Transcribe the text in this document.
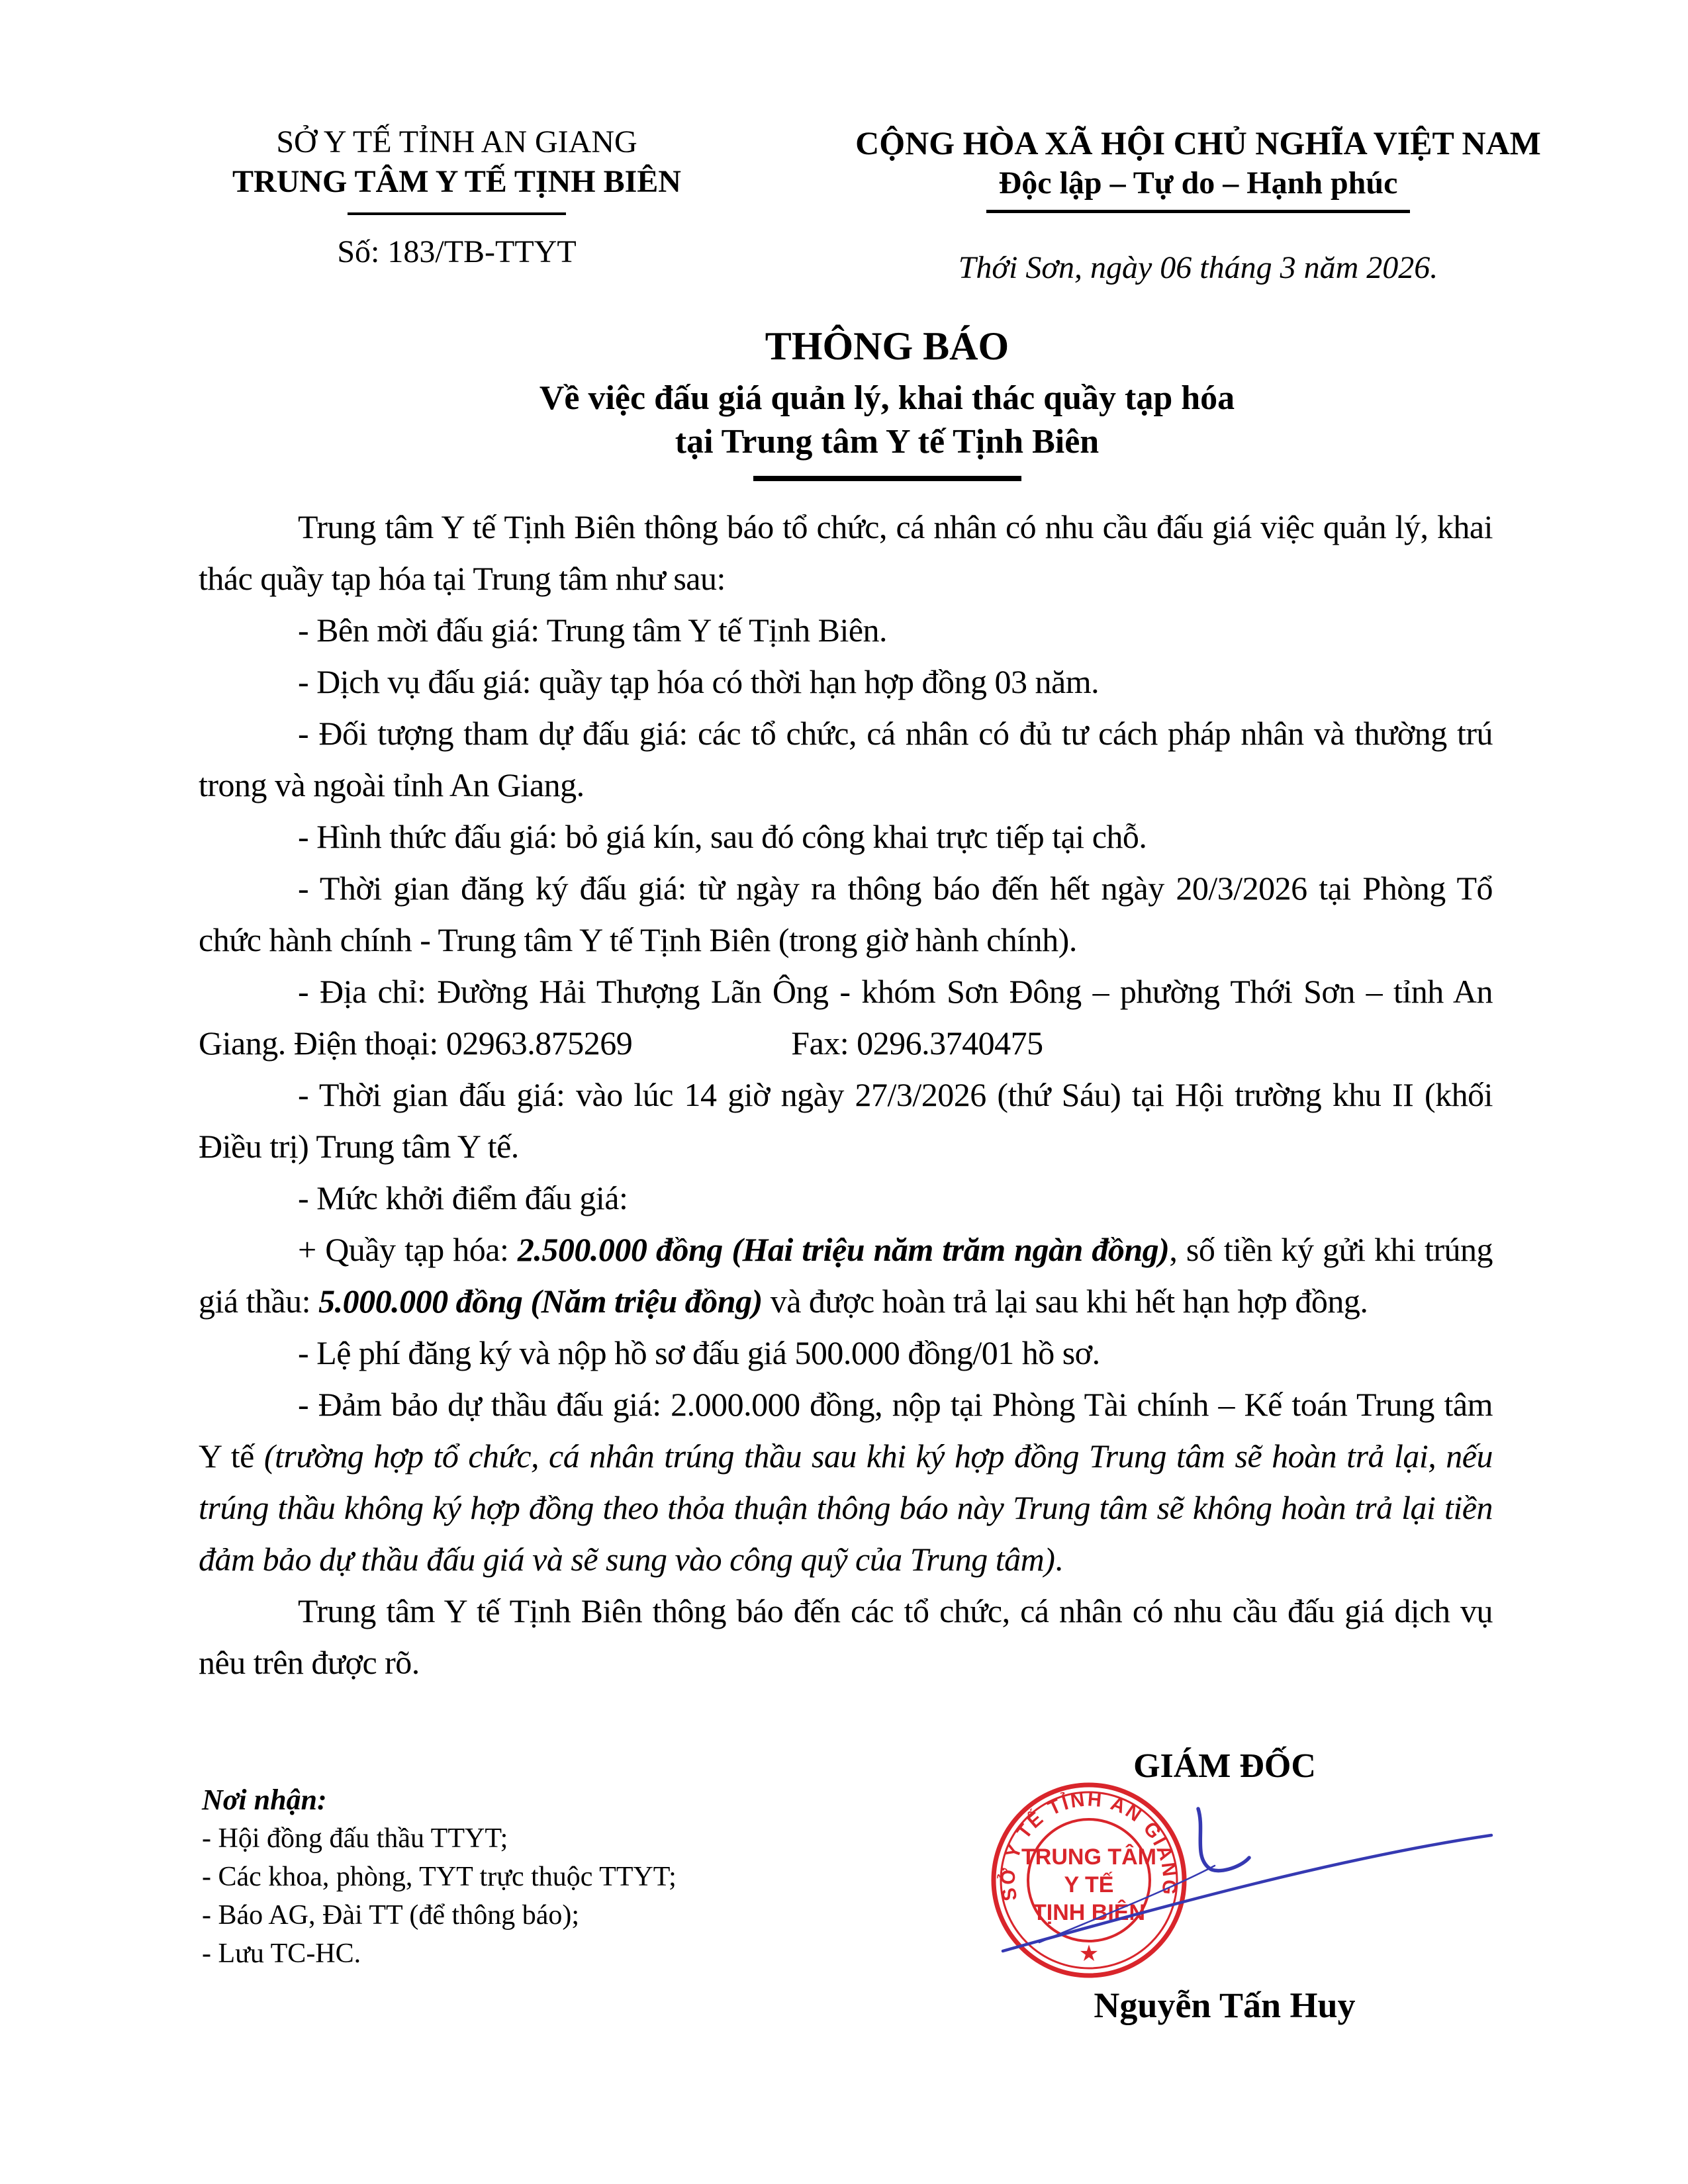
SỞ Y TẾ TỈNH AN GIANG
TRUNG TÂM Y TẾ TỊNH BIÊN
Số: 183/TB-TTYT
CỘNG HÒA XÃ HỘI CHỦ NGHĨA VIỆT NAM
Độc lập – Tự do – Hạnh phúc
Thới Sơn, ngày 06 tháng 3 năm 2026.
THÔNG BÁO
Về việc đấu giá quản lý, khai thác quầy tạp hóa
tại Trung tâm Y tế Tịnh Biên

Trung tâm Y tế Tịnh Biên thông báo tổ chức, cá nhân có nhu cầu đấu giá việc quản lý, khai thác quầy tạp hóa tại Trung tâm như sau:

- Bên mời đấu giá: Trung tâm Y tế Tịnh Biên.

- Dịch vụ đấu giá: quầy tạp hóa có thời hạn hợp đồng 03 năm.

- Đối tượng tham dự đấu giá: các tổ chức, cá nhân có đủ tư cách pháp nhân và thường trú trong và ngoài tỉnh An Giang.

- Hình thức đấu giá: bỏ giá kín, sau đó công khai trực tiếp tại chỗ.

- Thời gian đăng ký đấu giá: từ ngày ra thông báo đến hết ngày 20/3/2026 tại Phòng Tổ chức hành chính - Trung tâm Y tế Tịnh Biên (trong giờ hành chính).

- Địa chỉ: Đường Hải Thượng Lãn Ông - khóm Sơn Đông – phường Thới Sơn – tỉnh An Giang. Điện thoại: 02963.875269	Fax: 0296.3740475

- Thời gian đấu giá: vào lúc 14 giờ ngày 27/3/2026 (thứ Sáu) tại Hội trường khu II (khối Điều trị) Trung tâm Y tế.

- Mức khởi điểm đấu giá:

+ Quầy tạp hóa: 2.500.000 đồng (Hai triệu năm trăm ngàn đồng), số tiền ký gửi khi trúng giá thầu: 5.000.000 đồng (Năm triệu đồng) và được hoàn trả lại sau khi hết hạn hợp đồng.

- Lệ phí đăng ký và nộp hồ sơ đấu giá 500.000 đồng/01 hồ sơ.

- Đảm bảo dự thầu đấu giá: 2.000.000 đồng, nộp tại Phòng Tài chính – Kế toán Trung tâm Y tế (trường hợp tổ chức, cá nhân trúng thầu sau khi ký hợp đồng Trung tâm sẽ hoàn trả lại, nếu trúng thầu không ký hợp đồng theo thỏa thuận thông báo này Trung tâm sẽ không hoàn trả lại tiền đảm bảo dự thầu đấu giá và sẽ sung vào công quỹ của Trung tâm).

Trung tâm Y tế Tịnh Biên thông báo đến các tổ chức, cá nhân có nhu cầu đấu giá dịch vụ nêu trên được rõ.

Nơi nhận:
- Hội đồng đấu thầu TTYT;
- Các khoa, phòng, TYT trực thuộc TTYT;
- Báo AG, Đài TT (để thông báo);
- Lưu TC-HC.
GIÁM ĐỐC
SỞ Y TẾ TỈNH AN GIANG
TRUNG TÂM
Y TẾ
TỊNH BIÊN
★
Nguyễn Tấn Huy
